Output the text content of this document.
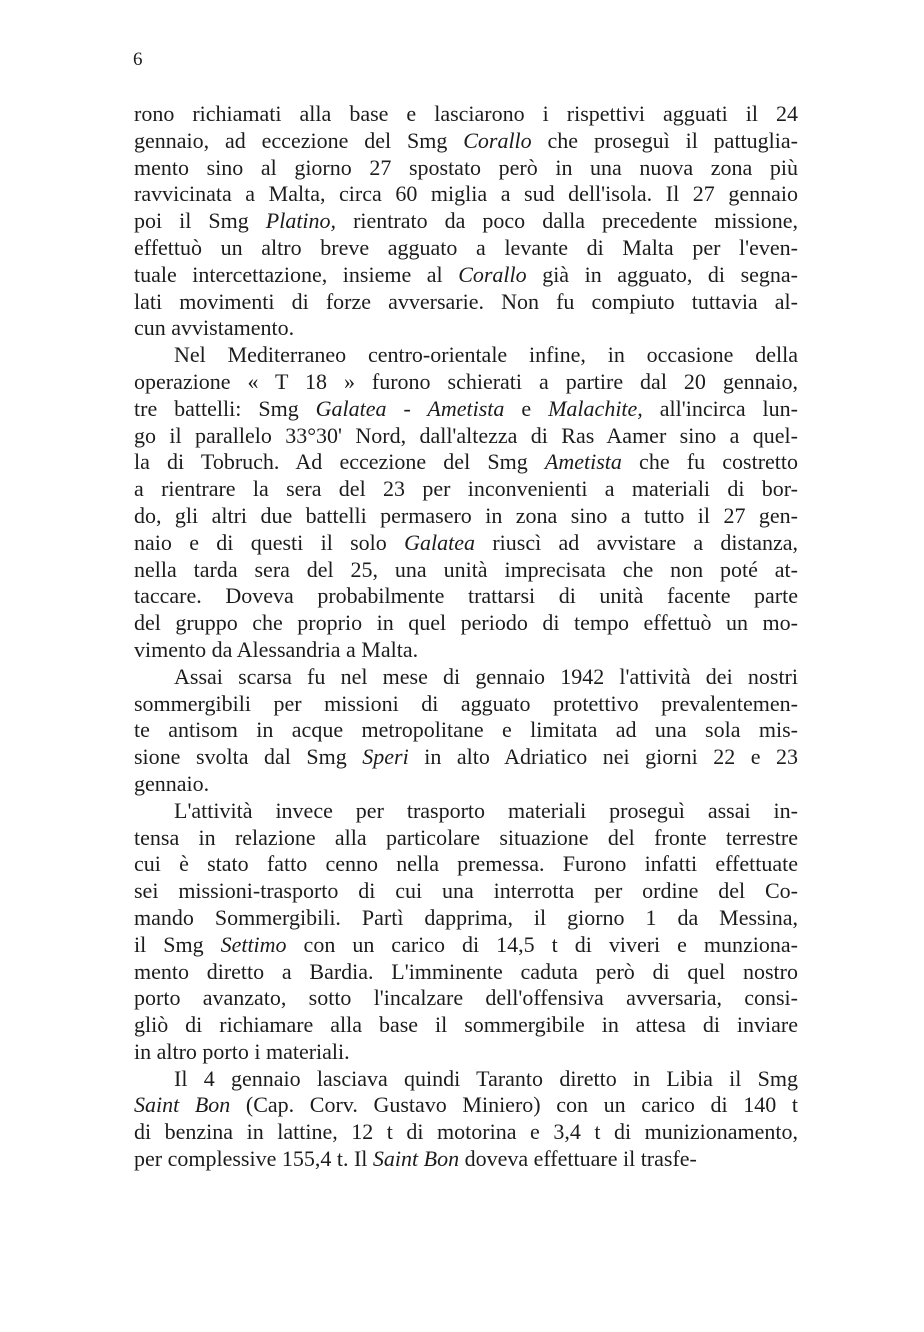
6
rono richiamati alla base e lasciarono i rispettivi agguati il 24
gennaio, ad eccezione del Smg Corallo che proseguì il pattuglia-
mento sino al giorno 27 spostato però in una nuova zona più
ravvicinata a Malta, circa 60 miglia a sud dell'isola. Il 27 gennaio
poi il Smg Platino, rientrato da poco dalla precedente missione,
effettuò un altro breve agguato a levante di Malta per l'even-
tuale intercettazione, insieme al Corallo già in agguato, di segna-
lati movimenti di forze avversarie. Non fu compiuto tuttavia al-
cun avvistamento.
Nel Mediterraneo centro-orientale infine, in occasione della
operazione « T 18 » furono schierati a partire dal 20 gennaio,
tre battelli: Smg Galatea - Ametista e Malachite, all'incirca lun-
go il parallelo 33°30' Nord, dall'altezza di Ras Aamer sino a quel-
la di Tobruch. Ad eccezione del Smg Ametista che fu costretto
a rientrare la sera del 23 per inconvenienti a materiali di bor-
do, gli altri due battelli permasero in zona sino a tutto il 27 gen-
naio e di questi il solo Galatea riuscì ad avvistare a distanza,
nella tarda sera del 25, una unità imprecisata che non poté at-
taccare. Doveva probabilmente trattarsi di unità facente parte
del gruppo che proprio in quel periodo di tempo effettuò un mo-
vimento da Alessandria a Malta.
Assai scarsa fu nel mese di gennaio 1942 l'attività dei nostri
sommergibili per missioni di agguato protettivo prevalentemen-
te antisom in acque metropolitane e limitata ad una sola mis-
sione svolta dal Smg Speri in alto Adriatico nei giorni 22 e 23
gennaio.
L'attività invece per trasporto materiali proseguì assai in-
tensa in relazione alla particolare situazione del fronte terrestre
cui è stato fatto cenno nella premessa. Furono infatti effettuate
sei missioni-trasporto di cui una interrotta per ordine del Co-
mando Sommergibili. Partì dapprima, il giorno 1 da Messina,
il Smg Settimo con un carico di 14,5 t di viveri e munziona-
mento diretto a Bardia. L'imminente caduta però di quel nostro
porto avanzato, sotto l'incalzare dell'offensiva avversaria, consi-
gliò di richiamare alla base il sommergibile in attesa di inviare
in altro porto i materiali.
Il 4 gennaio lasciava quindi Taranto diretto in Libia il Smg
Saint Bon (Cap. Corv. Gustavo Miniero) con un carico di 140 t
di benzina in lattine, 12 t di motorina e 3,4 t di munizionamento,
per complessive 155,4 t. Il Saint Bon doveva effettuare il trasfe-
